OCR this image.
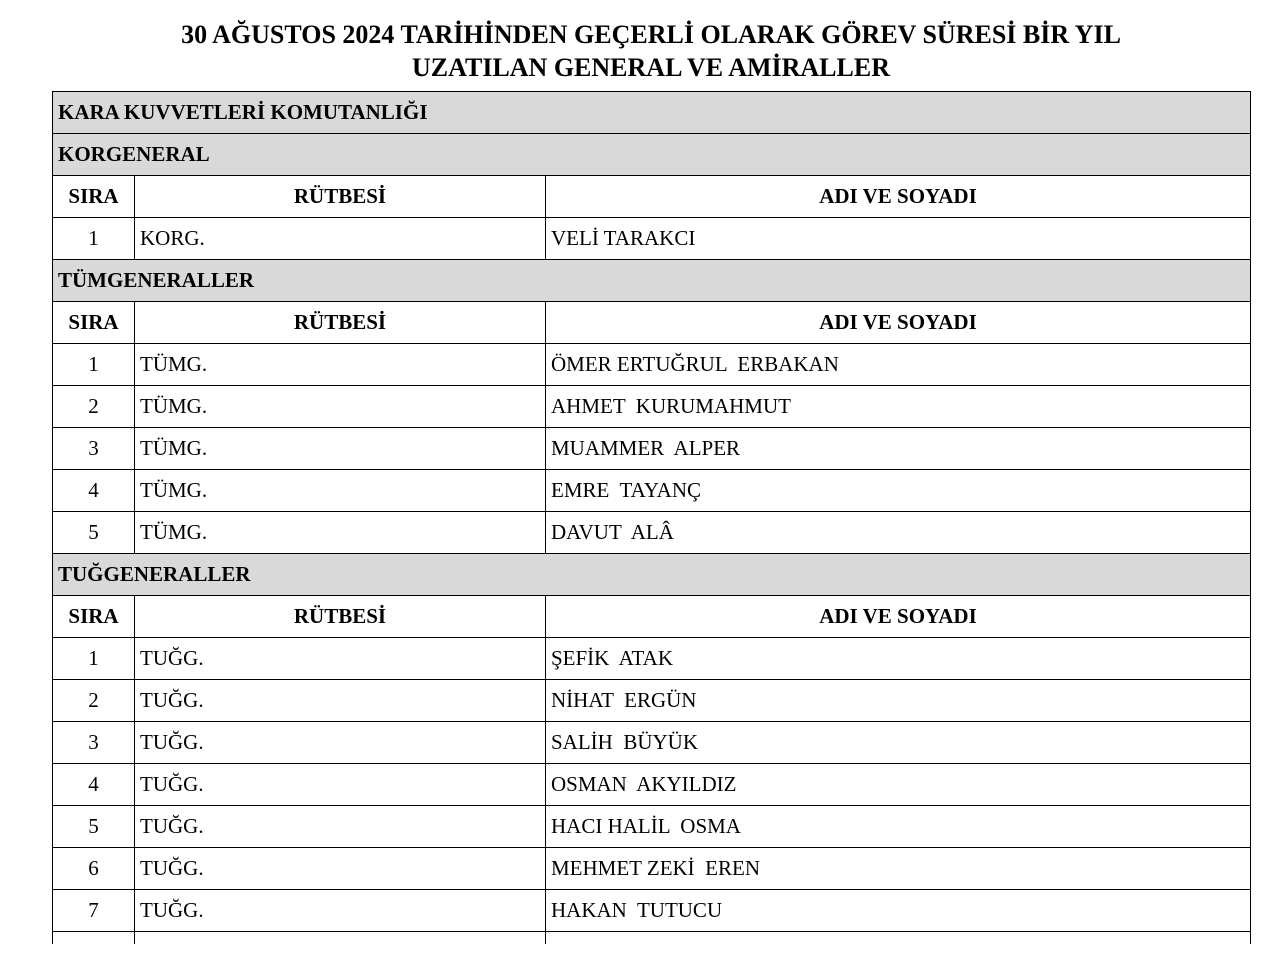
30 AĞUSTOS 2024 TARİHİNDEN GEÇERLİ OLARAK GÖREV SÜRESİ BİR YIL
UZATILAN GENERAL VE AMİRALLER
KARA KUVVETLERİ KOMUTANLIĞI		
KORGENERAL		
SIRA	RÜTBESİ	ADI VE SOYADI
1	KORG.	VELİ TARAKCI
TÜMGENERALLER		
SIRA	RÜTBESİ	ADI VE SOYADI
1	TÜMG.	ÖMER ERTUĞRUL  ERBAKAN
2	TÜMG.	AHMET  KURUMAHMUT
3	TÜMG.	MUAMMER  ALPER
4	TÜMG.	EMRE  TAYANÇ
5	TÜMG.	DAVUT  ALÂ
TUĞGENERALLER		
SIRA	RÜTBESİ	ADI VE SOYADI
1	TUĞG.	ŞEFİK  ATAK
2	TUĞG.	NİHAT  ERGÜN
3	TUĞG.	SALİH  BÜYÜK
4	TUĞG.	OSMAN  AKYILDIZ
5	TUĞG.	HACI HALİL  OSMA
6	TUĞG.	MEHMET ZEKİ  EREN
7	TUĞG.	HAKAN  TUTUCU
